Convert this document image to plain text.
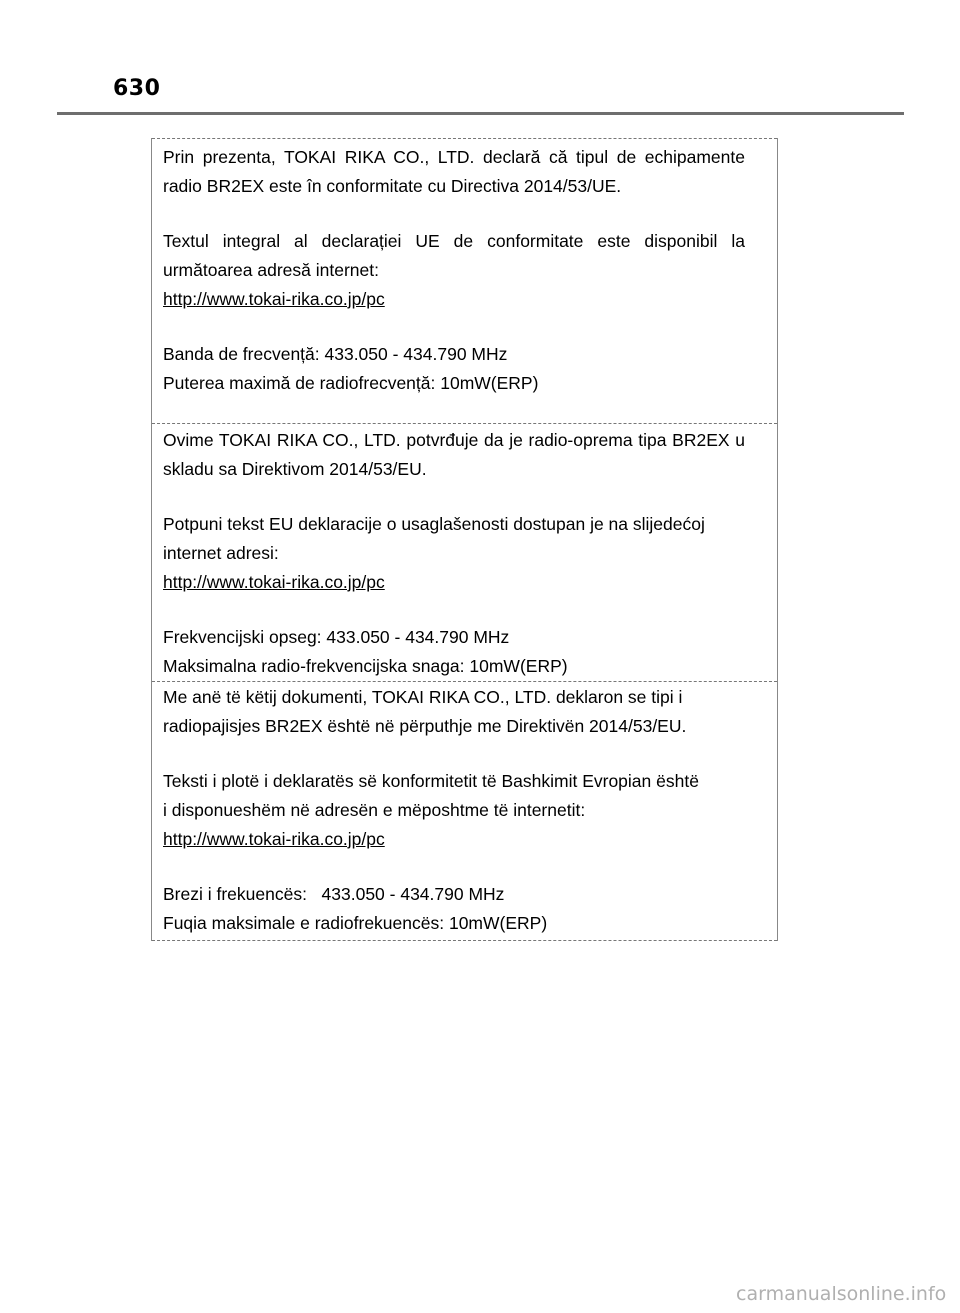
630

Prin prezenta, TOKAI RIKA CO., LTD. declară că tipul de echipamente radio BR2EX este în conformitate cu Directiva 2014/53/UE.

Textul integral al declarației UE de conformitate este disponibil la următoarea adresă internet:

http://www.tokai-rika.co.jp/pc

Banda de frecvență: 433.050 - 434.790 MHz

Puterea maximă de radiofrecvență: 10mW(ERP)

Ovime TOKAI RIKA CO., LTD. potvrđuje da je radio-oprema tipa BR2EX u skladu sa Direktivom 2014/53/EU.

Potpuni tekst EU deklaracije o usaglašenosti dostupan je na slijedećoj internet adresi:

http://www.tokai-rika.co.jp/pc

Frekvencijski opseg: 433.050 - 434.790 MHz

Maksimalna radio-frekvencijska snaga: 10mW(ERP)

Me anë të këtij dokumenti, TOKAI RIKA CO., LTD. deklaron se tipi i

radiopajisjes BR2EX është në përputhje me Direktivën 2014/53/EU.

Teksti i plotë i deklaratës së konformitetit të Bashkimit Evropian është

i disponueshëm në adresën e mëposhtme të internetit:

http://www.tokai-rika.co.jp/pc

Brezi i frekuencës:   433.050 - 434.790 MHz

Fuqia maksimale e radiofrekuencës: 10mW(ERP)

carmanualsonline.info
